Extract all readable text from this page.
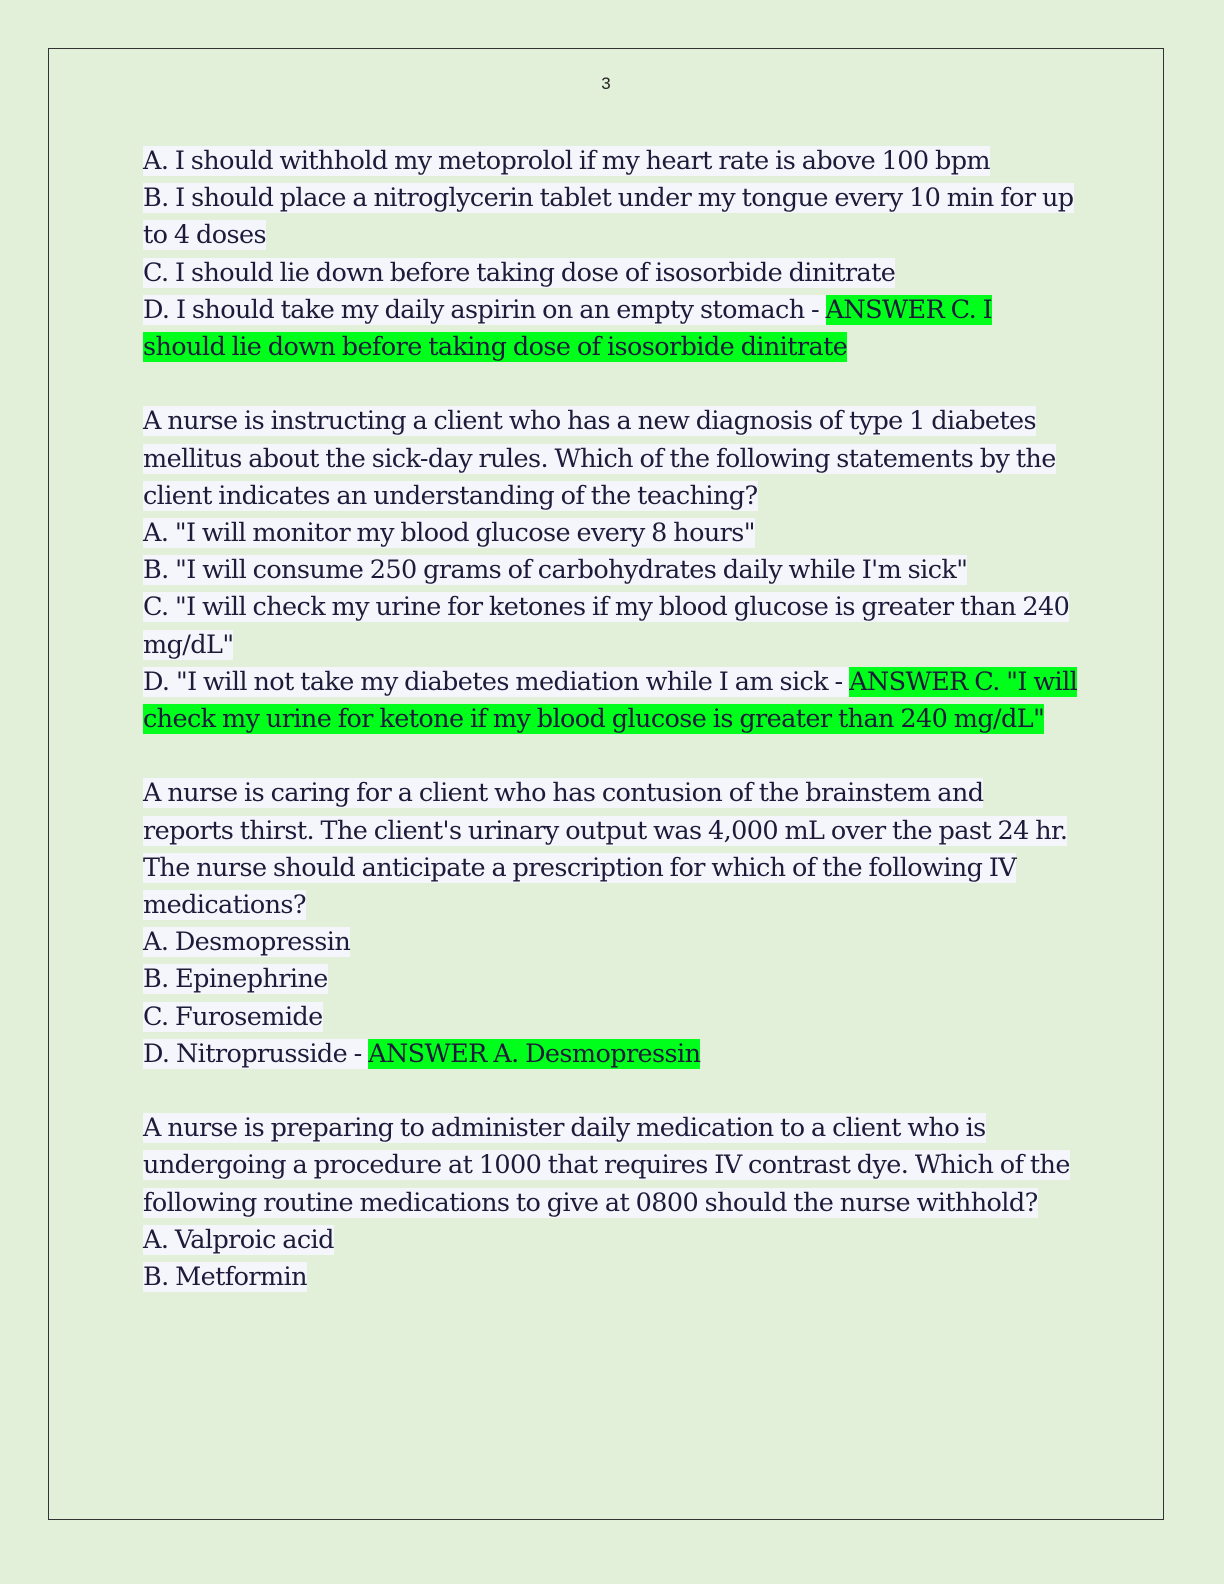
3

A. I should withhold my metoprolol if my heart rate is above 100 bpm

B. I should place a nitroglycerin tablet under my tongue every 10 min for up to 4 doses

C. I should lie down before taking dose of isosorbide dinitrate

D. I should take my daily aspirin on an empty stomach - ANSWER C. I should lie down before taking dose of isosorbide dinitrate

A nurse is instructing a client who has a new diagnosis of type 1 diabetes mellitus about the sick-day rules. Which of the following statements by the client indicates an understanding of the teaching?

A. "I will monitor my blood glucose every 8 hours"

B. "I will consume 250 grams of carbohydrates daily while I'm sick"

C. "I will check my urine for ketones if my blood glucose is greater than 240 mg/dL"

D. "I will not take my diabetes mediation while I am sick - ANSWER C. "I will check my urine for ketone if my blood glucose is greater than 240 mg/dL"

A nurse is caring for a client who has contusion of the brainstem and reports thirst. The client's urinary output was 4,000 mL over the past 24 hr. The nurse should anticipate a prescription for which of the following IV medications?

A. Desmopressin

B. Epinephrine

C. Furosemide

D. Nitroprusside - ANSWER A. Desmopressin

A nurse is preparing to administer daily medication to a client who is undergoing a procedure at 1000 that requires IV contrast dye. Which of the following routine medications to give at 0800 should the nurse withhold?

A. Valproic acid

B. Metformin
